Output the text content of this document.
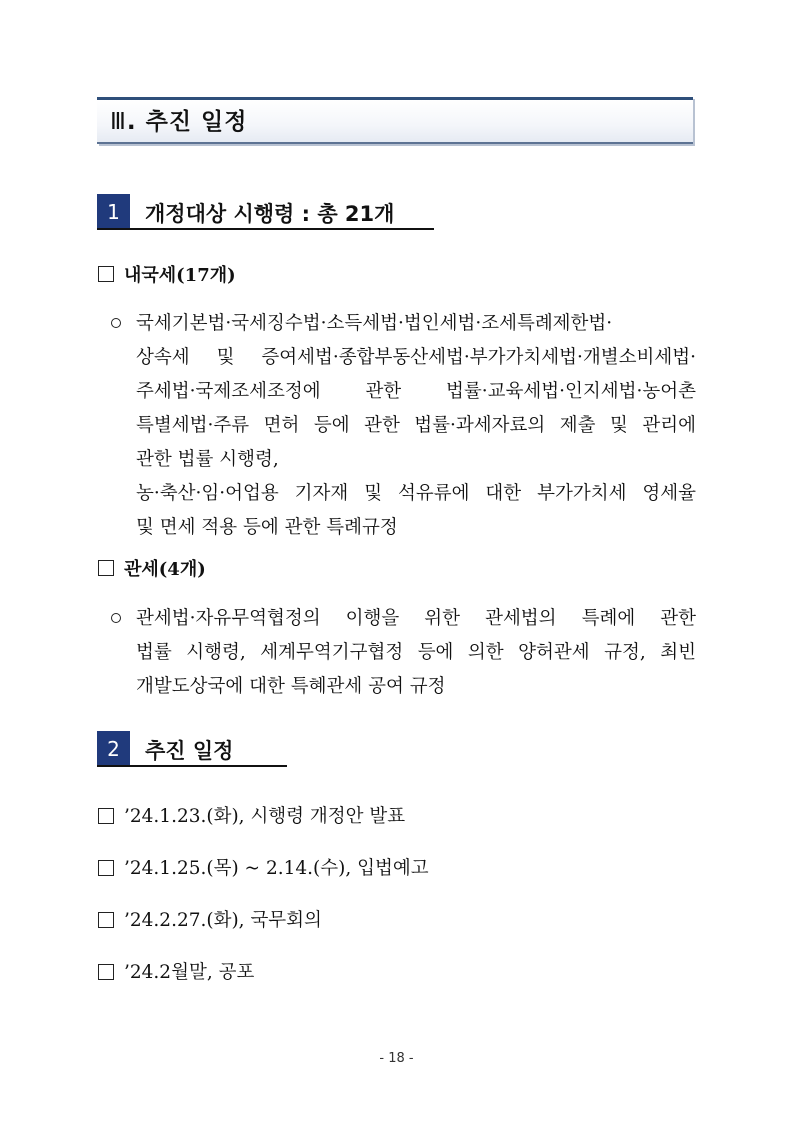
Ⅲ. 추진 일정
1	개정대상 시행령 : 총 21개
내국세(17개)
국세기본법·국세징수법·소득세법·법인세법·조세특례제한법·
상속세 및 증여세법·종합부동산세법·부가가치세법·개별소비세법·
주세법·국제조세조정에 관한 법률·교육세법·인지세법·농어촌
특별세법·주류 면허 등에 관한 법률·과세자료의 제출 및 관리에
관한 법률 시행령,
농·축산·임·어업용 기자재 및 석유류에 대한 부가가치세 영세율
및 면세 적용 등에 관한 특례규정
관세(4개)
관세법·자유무역협정의 이행을 위한 관세법의 특례에 관한
법률 시행령, 세계무역기구협정 등에 의한 양허관세 규정, 최빈
개발도상국에 대한 특혜관세 공여 규정
2	추진 일정
’24.1.23.(화), 시행령 개정안 발표
’24.1.25.(목) ~ 2.14.(수), 입법예고
’24.2.27.(화), 국무회의
’24.2월말, 공포
- 18 -
